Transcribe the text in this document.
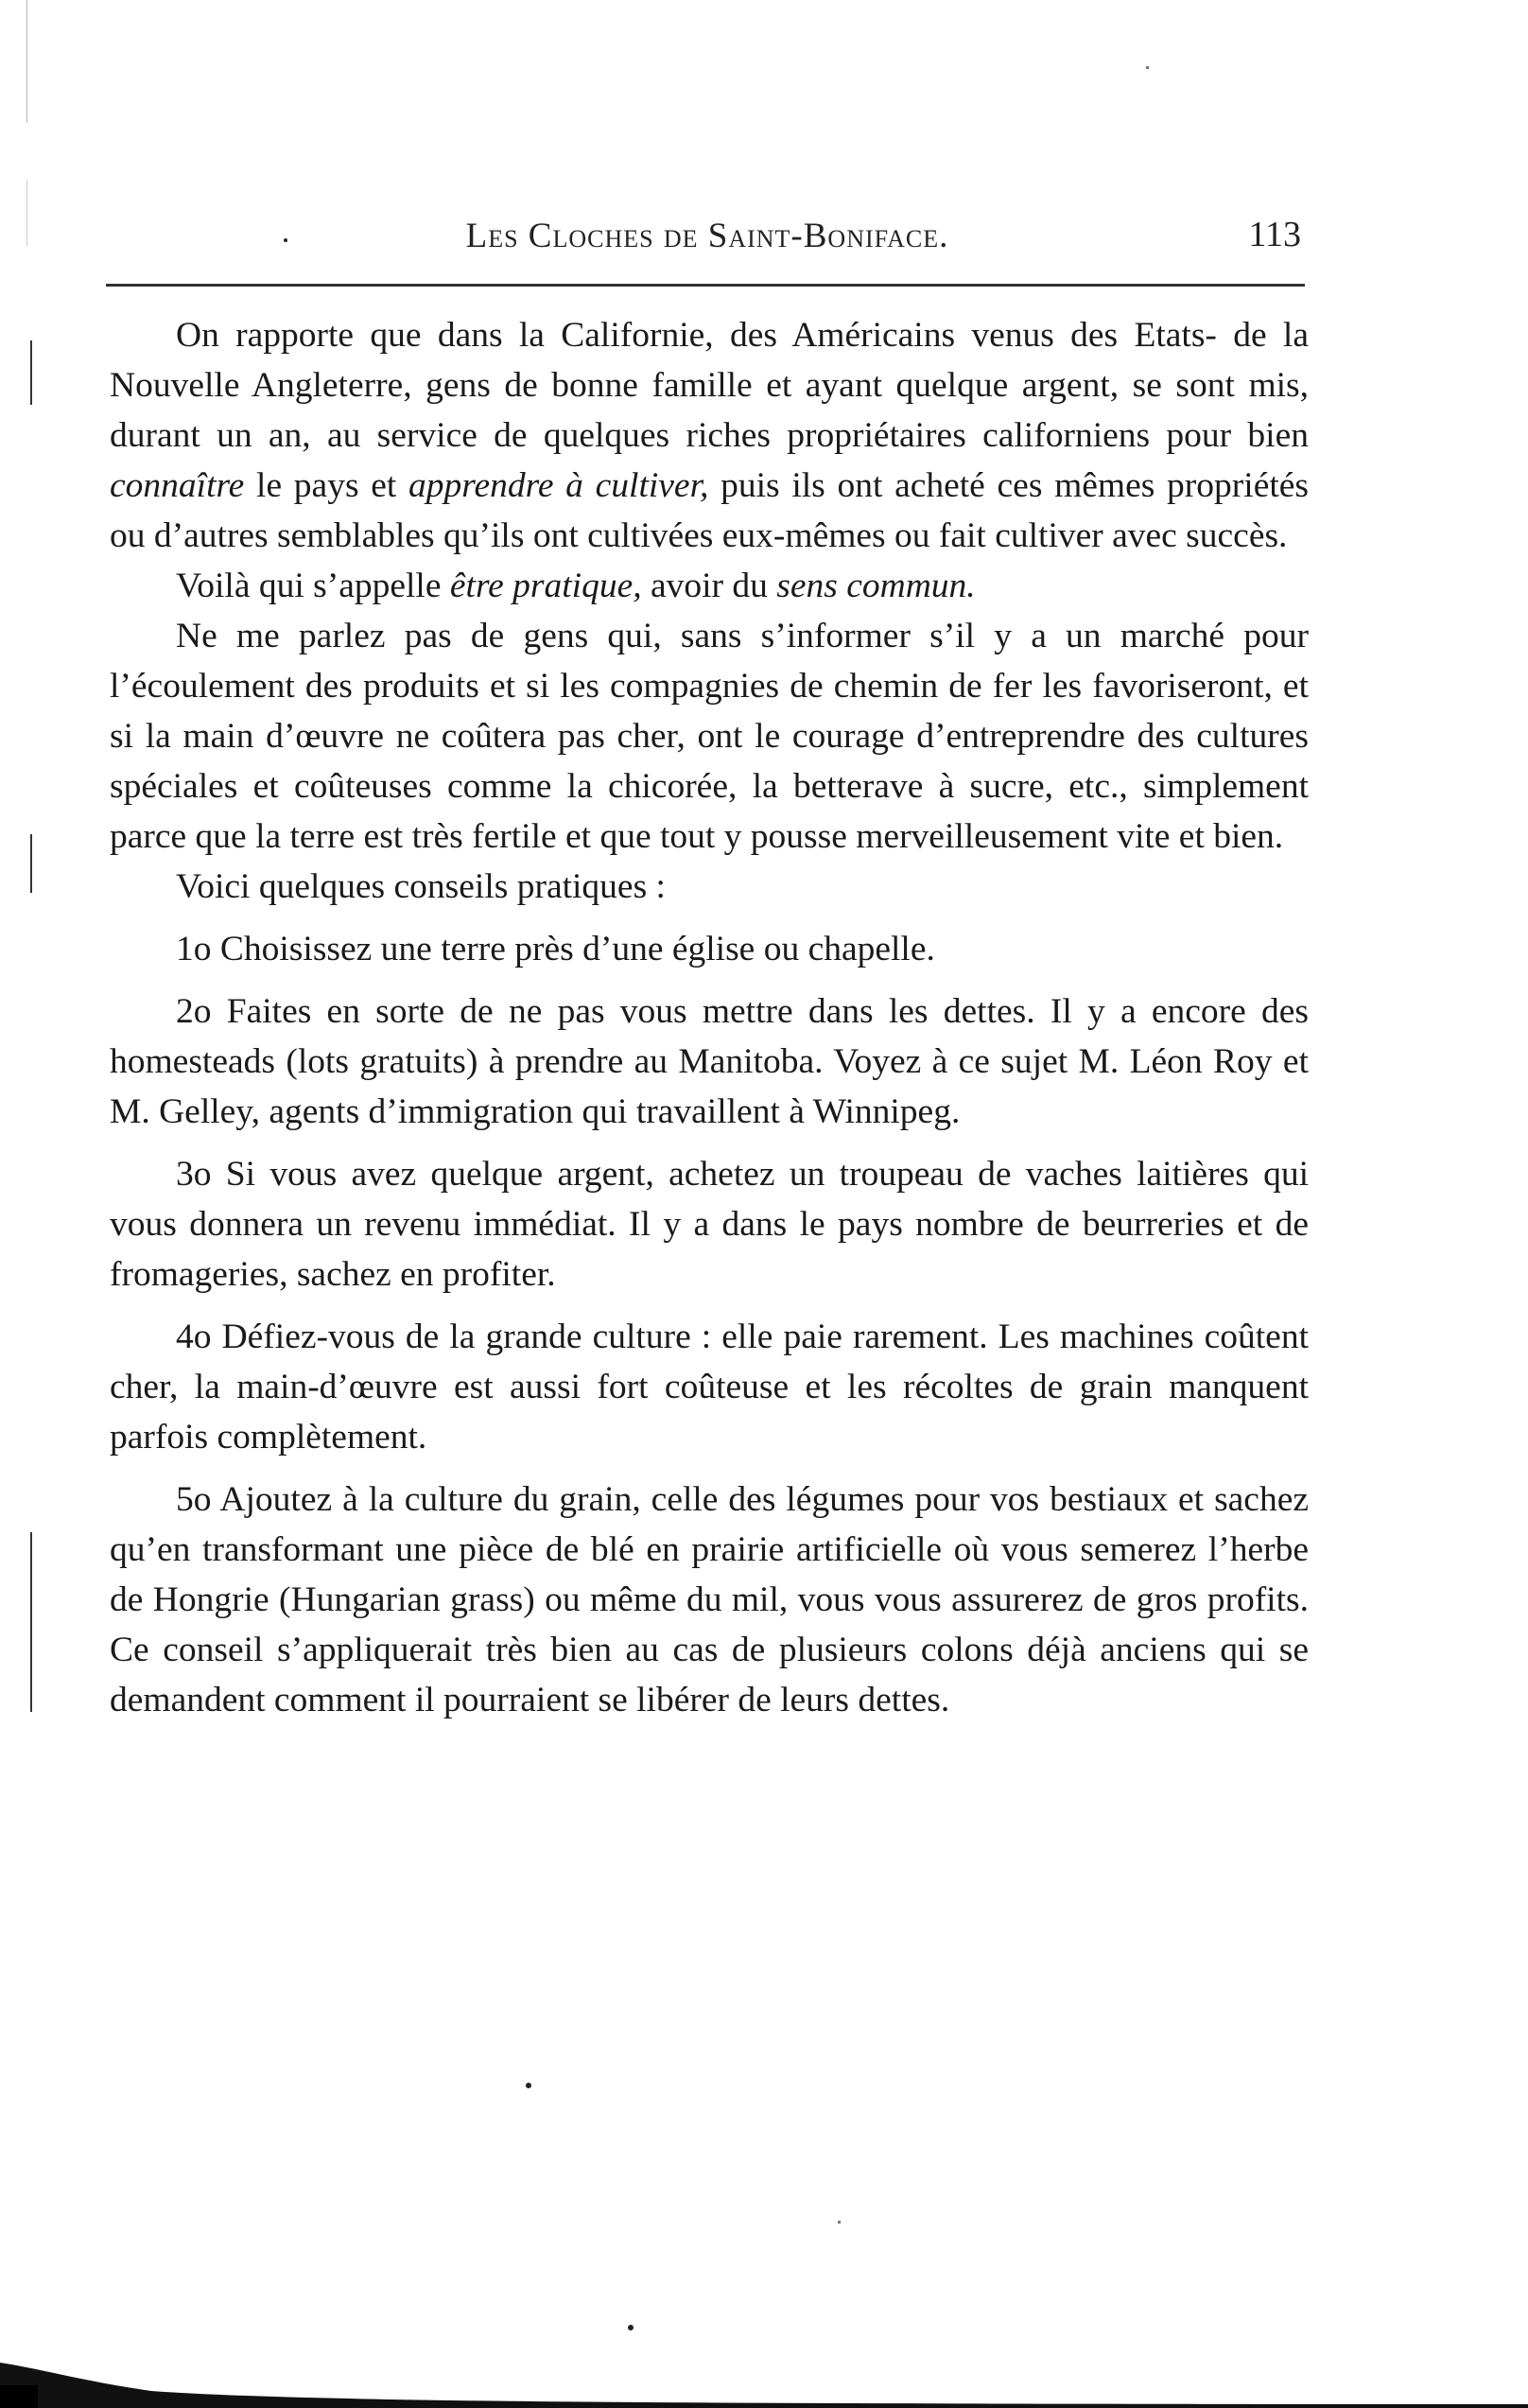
Les Cloches de Saint-Boniface.	113

On rapporte que dans la Californie, des Américains venus des Etats- de la Nouvelle Angleterre, gens de bonne famille et ayant quelque argent, se sont mis, durant un an, au service de quelques riches propriétaires californiens pour bien connaître le pays et apprendre à cultiver, puis ils ont acheté ces mêmes propriétés ou d’autres semblables qu’ils ont cultivées eux-mêmes ou fait cultiver avec succès.

Voilà qui s’appelle être pratique, avoir du sens commun.

Ne me parlez pas de gens qui, sans s’informer s’il y a un marché pour l’écoulement des produits et si les compagnies de chemin de fer les favoriseront, et si la main d’œuvre ne coûtera pas cher, ont le courage d’entreprendre des cultures spéciales et coûteuses comme la chicorée, la betterave à sucre, etc., simplement parce que la terre est très fertile et que tout y pousse merveilleusement vite et bien.

Voici quelques conseils pratiques :

1o Choisissez une terre près d’une église ou chapelle.

2o Faites en sorte de ne pas vous mettre dans les dettes. Il y a encore des homesteads (lots gratuits) à prendre au Manitoba. Voyez à ce sujet M. Léon Roy et M. Gelley, agents d’immigration qui travaillent à Winnipeg.

3o Si vous avez quelque argent, achetez un troupeau de vaches laitières qui vous donnera un revenu immédiat. Il y a dans le pays nombre de beurreries et de fromageries, sachez en profiter.

4o Défiez-vous de la grande culture : elle paie rarement. Les machines coûtent cher, la main-d’œuvre est aussi fort coûteuse et les récoltes de grain manquent parfois complètement.

5o Ajoutez à la culture du grain, celle des légumes pour vos bestiaux et sachez qu’en transformant une pièce de blé en prairie artificielle où vous semerez l’herbe de Hongrie (Hungarian grass) ou même du mil, vous vous assurerez de gros profits. Ce conseil s’appliquerait très bien au cas de plusieurs colons déjà anciens qui se demandent comment il pourraient se libérer de leurs dettes.
